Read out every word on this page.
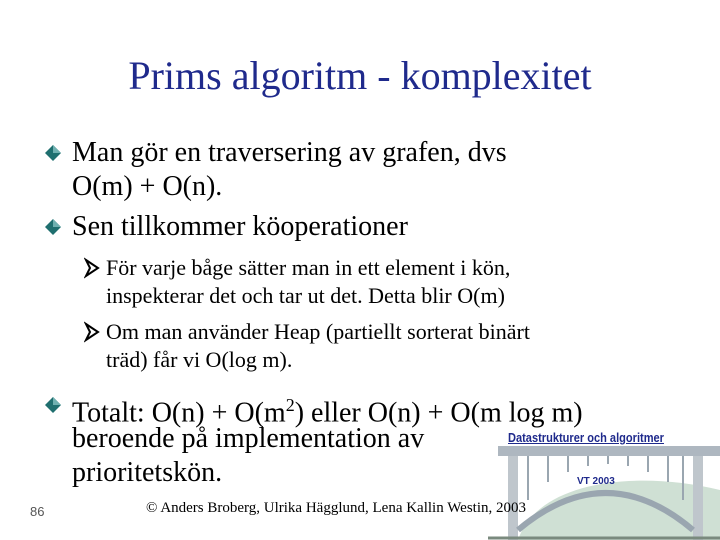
Prims algoritm - komplexitet
Man gör en traversering av grafen, dvs
O(m) + O(n).
Sen tillkommer köoperationer
För varje båge sätter man in ett element i kön,
inspekterar det och tar ut det. Detta blir O(m)
Om man använder Heap (partiellt sorterat binärt
träd) får vi O(log m).
Datastrukturer och algoritmer
VT 2003
Totalt: $O(n) + O(m^2)$ eller O(n) + O(m log m)
beroende på implementation av
prioritetskön.
86	© Anders Broberg, Ulrika Hägglund, Lena Kallin Westin, 2003
